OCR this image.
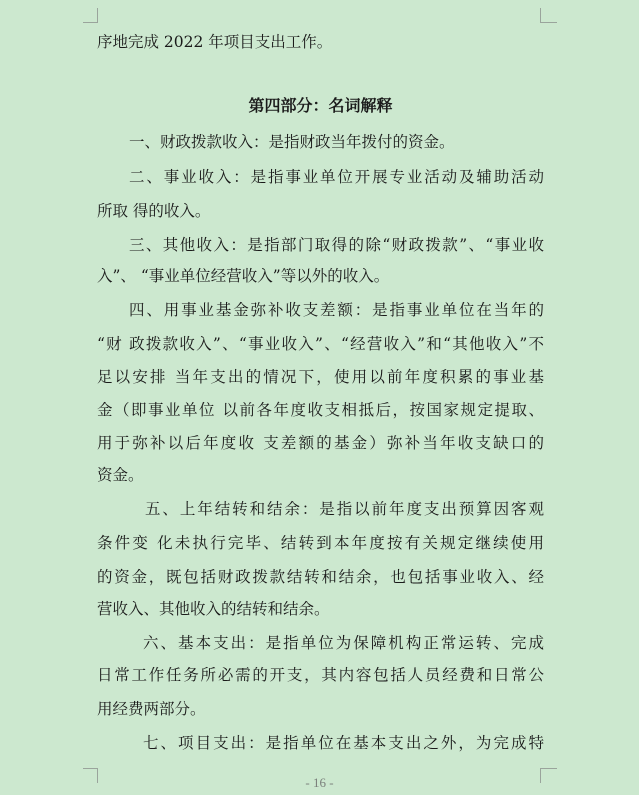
序地完成 2022 年项目支出工作。
第四部分：名词解释
一、财政拨款收入：是指财政当年拨付的资金。
二、事业收入：是指事业单位开展专业活动及辅助活动
所取 得的收入。
三、其他收入：是指部门取得的除“财政拨款”、“事业收
入”、 “事业单位经营收入”等以外的收入。
四、用事业基金弥补收支差额：是指事业单位在当年的
“财 政拨款收入”、“事业收入”、“经营收入”和“其他收入”不
足以安排 当年支出的情况下，使用以前年度积累的事业基
金（即事业单位 以前各年度收支相抵后，按国家规定提取、
用于弥补以后年度收 支差额的基金）弥补当年收支缺口的
资金。
五、上年结转和结余：是指以前年度支出预算因客观
条件变 化未执行完毕、结转到本年度按有关规定继续使用
的资金，既包括财政拨款结转和结余，也包括事业收入、经
营收入、其他收入的结转和结余。
六、基本支出：是指单位为保障机构正常运转、完成
日常工作任务所必需的开支，其内容包括人员经费和日常公
用经费两部分。
七、项目支出：是指单位在基本支出之外，为完成特
- 16 -
